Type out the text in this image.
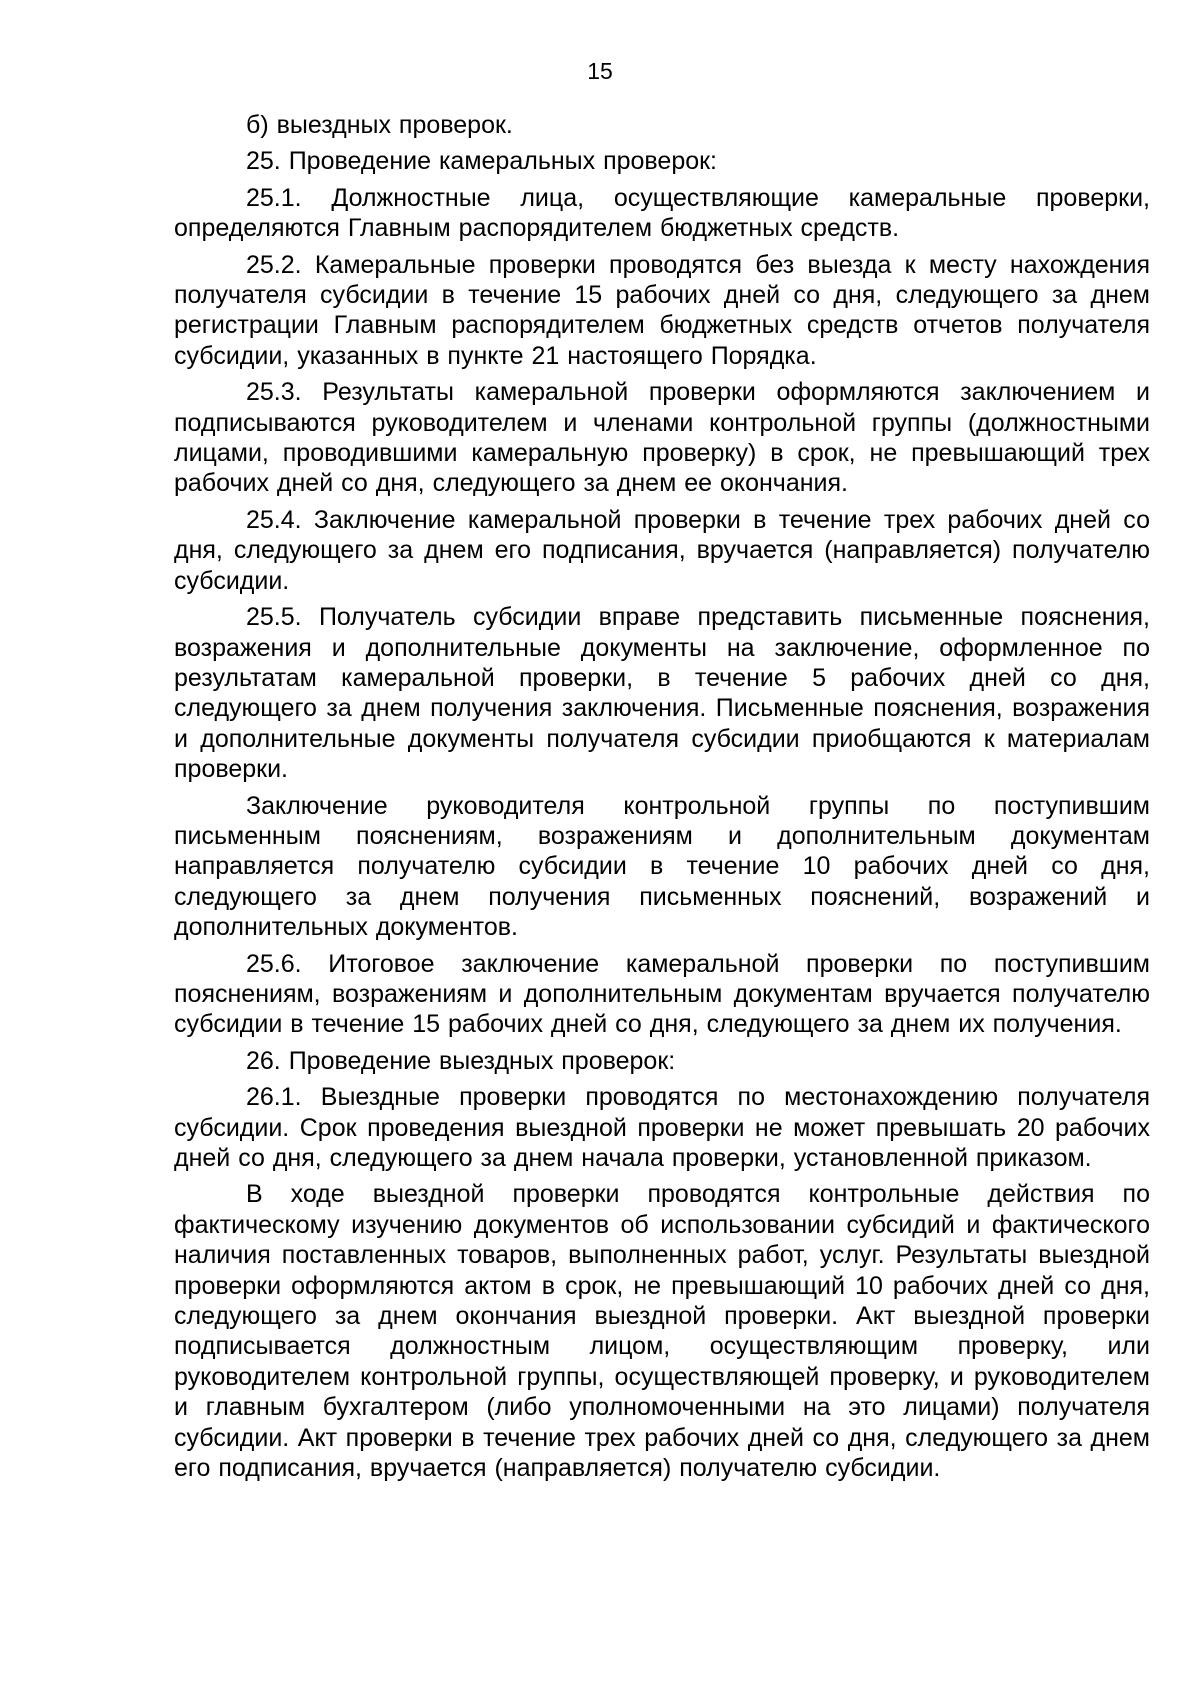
15

б) выездных проверок.

25. Проведение камеральных проверок:

25.1. Должностные лица, осуществляющие камеральные проверки, определяются Главным распорядителем бюджетных средств.

25.2. Камеральные проверки проводятся без выезда к месту нахождения получателя субсидии в течение 15 рабочих дней со дня, следующего за днем регистрации Главным распорядителем бюджетных средств отчетов получателя субсидии, указанных в пункте 21 настоящего Порядка.

25.3. Результаты камеральной проверки оформляются заключением и подписываются руководителем и членами контрольной группы (должностными лицами, проводившими камеральную проверку) в срок, не превышающий трех рабочих дней со дня, следующего за днем ее окончания.

25.4. Заключение камеральной проверки в течение трех рабочих дней со дня, следующего за днем его подписания, вручается (направляется) получателю субсидии.

25.5. Получатель субсидии вправе представить письменные пояснения, возражения и дополнительные документы на заключение, оформленное по результатам камеральной проверки, в течение 5 рабочих дней со дня, следующего за днем получения заключения. Письменные пояснения, возражения и дополнительные документы получателя субсидии приобщаются к материалам проверки.

Заключение руководителя контрольной группы по поступившим письменным пояснениям, возражениям и дополнительным документам направляется получателю субсидии в течение 10 рабочих дней со дня, следующего за днем получения письменных пояснений, возражений и дополнительных документов.

25.6. Итоговое заключение камеральной проверки по поступившим пояснениям, возражениям и дополнительным документам вручается получателю субсидии в течение 15 рабочих дней со дня, следующего за днем их получения.

26. Проведение выездных проверок:

26.1. Выездные проверки проводятся по местонахождению получателя субсидии. Срок проведения выездной проверки не может превышать 20 рабочих дней со дня, следующего за днем начала проверки, установленной приказом.

В ходе выездной проверки проводятся контрольные действия по фактическому изучению документов об использовании субсидий и фактического наличия поставленных товаров, выполненных работ, услуг. Результаты выездной проверки оформляются актом в срок, не превышающий 10 рабочих дней со дня, следующего за днем окончания выездной проверки. Акт выездной проверки подписывается должностным лицом, осуществляющим проверку, или руководителем контрольной группы, осуществляющей проверку, и руководителем и главным бухгалтером (либо уполномоченными на это лицами) получателя субсидии. Акт проверки в течение трех рабочих дней со дня, следующего за днем его подписания, вручается (направляется) получателю субсидии.
